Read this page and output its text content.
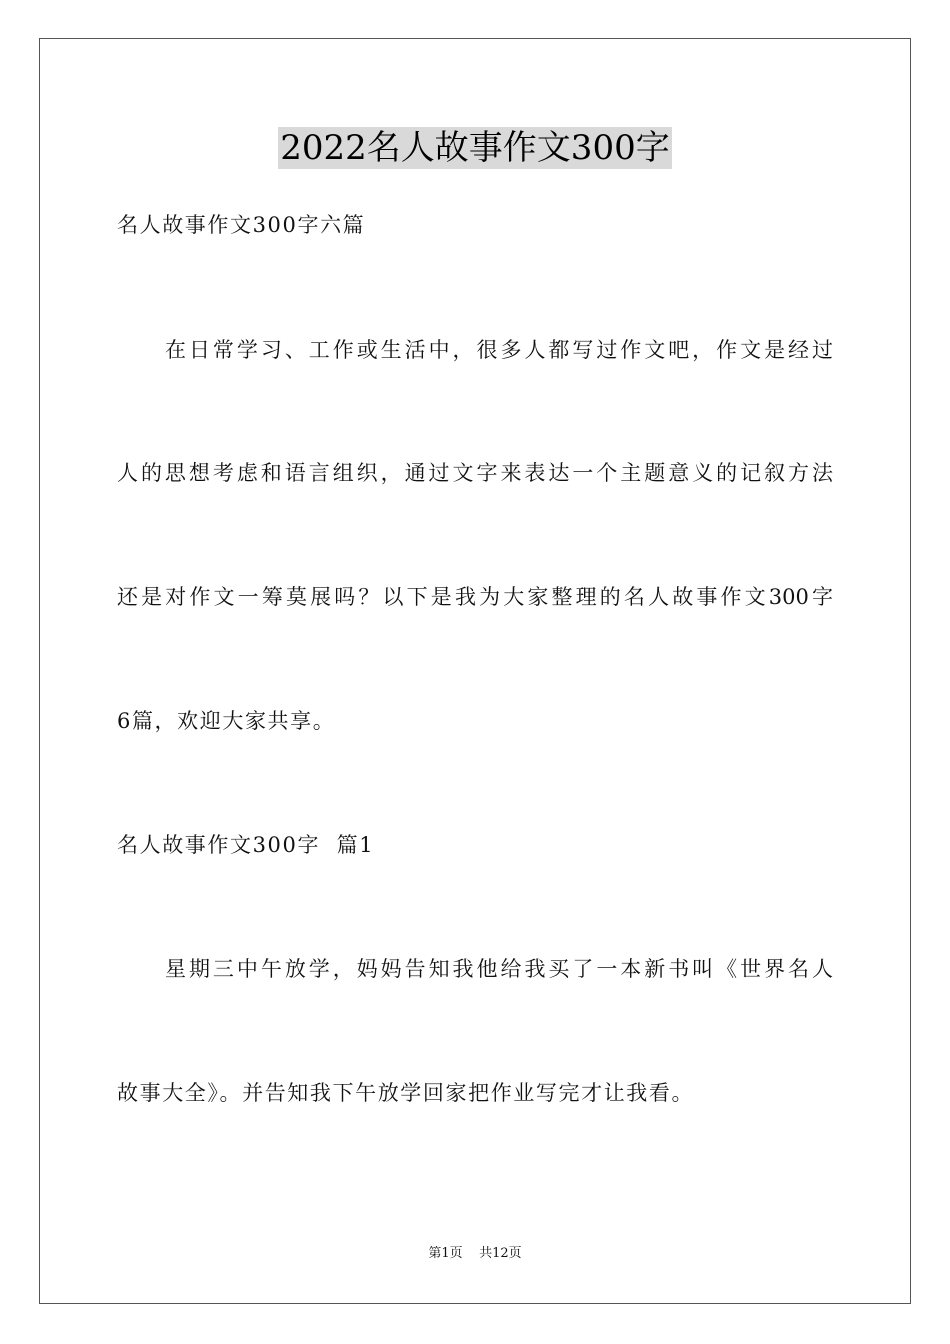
2022名人故事作文300字
名人故事作文300字六篇
在日常学习、工作或生活中，很多人都写过作文吧，作文是经过
人的思想考虑和语言组织，通过文字来表达一个主题意义的记叙方法
还是对作文一筹莫展吗？以下是我为大家整理的名人故事作文300字
6篇，欢迎大家共享。
名人故事作文300字  篇1
星期三中午放学，妈妈告知我他给我买了一本新书叫《世界名人
故事大全》。并告知我下午放学回家把作业写完才让我看。
第1页 共12页
